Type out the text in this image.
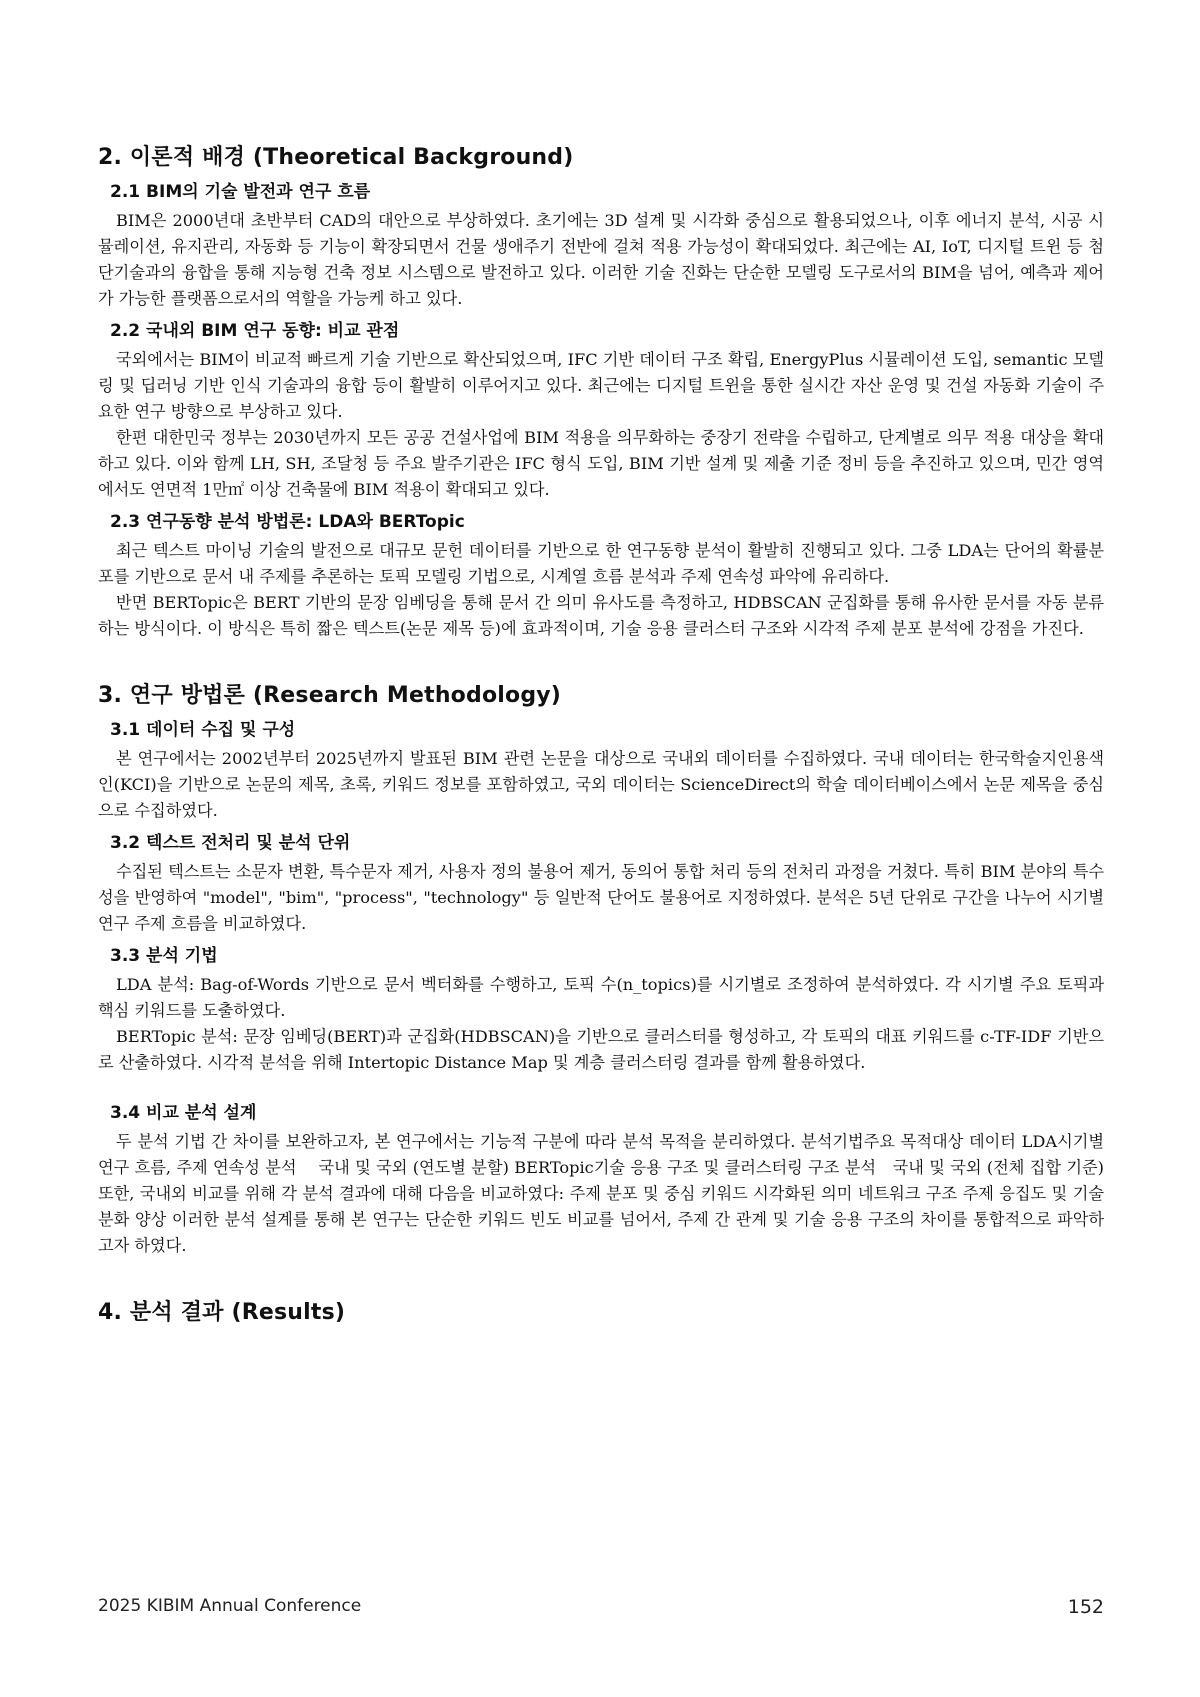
2. 이론적 배경 (Theoretical Background)
2.1 BIM의 기술 발전과 연구 흐름

BIM은 2000년대 초반부터 CAD의 대안으로 부상하였다. 초기에는 3D 설계 및 시각화 중심으로 활용되었으나, 이후 에너지 분석, 시공 시뮬레이션, 유지관리, 자동화 등 기능이 확장되면서 건물 생애주기 전반에 걸쳐 적용 가능성이 확대되었다. 최근에는 AI, IoT, 디지털 트윈 등 첨단기술과의 융합을 통해 지능형 건축 정보 시스템으로 발전하고 있다. 이러한 기술 진화는 단순한 모델링 도구로서의 BIM을 넘어, 예측과 제어가 가능한 플랫폼으로서의 역할을 가능케 하고 있다.

2.2 국내외 BIM 연구 동향: 비교 관점

국외에서는 BIM이 비교적 빠르게 기술 기반으로 확산되었으며, IFC 기반 데이터 구조 확립, EnergyPlus 시뮬레이션 도입, semantic 모델링 및 딥러닝 기반 인식 기술과의 융합 등이 활발히 이루어지고 있다. 최근에는 디지털 트윈을 통한 실시간 자산 운영 및 건설 자동화 기술이 주요한 연구 방향으로 부상하고 있다.

한편 대한민국 정부는 2030년까지 모든 공공 건설사업에 BIM 적용을 의무화하는 중장기 전략을 수립하고, 단계별로 의무 적용 대상을 확대하고 있다. 이와 함께 LH, SH, 조달청 등 주요 발주기관은 IFC 형식 도입, BIM 기반 설계 및 제출 기준 정비 등을 추진하고 있으며, 민간 영역에서도 연면적 1만㎡ 이상 건축물에 BIM 적용이 확대되고 있다.

2.3 연구동향 분석 방법론: LDA와 BERTopic

최근 텍스트 마이닝 기술의 발전으로 대규모 문헌 데이터를 기반으로 한 연구동향 분석이 활발히 진행되고 있다. 그중 LDA는 단어의 확률분포를 기반으로 문서 내 주제를 추론하는 토픽 모델링 기법으로, 시계열 흐름 분석과 주제 연속성 파악에 유리하다.

반면 BERTopic은 BERT 기반의 문장 임베딩을 통해 문서 간 의미 유사도를 측정하고, HDBSCAN 군집화를 통해 유사한 문서를 자동 분류하는 방식이다. 이 방식은 특히 짧은 텍스트(논문 제목 등)에 효과적이며, 기술 응용 클러스터 구조와 시각적 주제 분포 분석에 강점을 가진다.

3. 연구 방법론 (Research Methodology)
3.1 데이터 수집 및 구성

본 연구에서는 2002년부터 2025년까지 발표된 BIM 관련 논문을 대상으로 국내외 데이터를 수집하였다. 국내 데이터는 한국학술지인용색인(KCI)을 기반으로 논문의 제목, 초록, 키워드 정보를 포함하였고, 국외 데이터는 ScienceDirect의 학술 데이터베이스에서 논문 제목을 중심으로 수집하였다.

3.2 텍스트 전처리 및 분석 단위

수집된 텍스트는 소문자 변환, 특수문자 제거, 사용자 정의 불용어 제거, 동의어 통합 처리 등의 전처리 과정을 거쳤다. 특히 BIM 분야의 특수성을 반영하여 "model", "bim", "process", "technology" 등 일반적 단어도 불용어로 지정하였다. 분석은 5년 단위로 구간을 나누어 시기별 연구 주제 흐름을 비교하였다.

3.3 분석 기법

LDA 분석: Bag-of-Words 기반으로 문서 벡터화를 수행하고, 토픽 수(n_topics)를 시기별로 조정하여 분석하였다. 각 시기별 주요 토픽과 핵심 키워드를 도출하였다.

BERTopic 분석: 문장 임베딩(BERT)과 군집화(HDBSCAN)을 기반으로 클러스터를 형성하고, 각 토픽의 대표 키워드를 c-TF-IDF 기반으로 산출하였다. 시각적 분석을 위해 Intertopic Distance Map 및 계층 클러스터링 결과를 함께 활용하였다.

3.4 비교 분석 설계

두 분석 기법 간 차이를 보완하고자, 본 연구에서는 기능적 구분에 따라 분석 목적을 분리하였다. 분석기법주요 목적대상 데이터 LDA시기별 연구 흐름, 주제 연속성 분석　 국내 및 국외 (연도별 분할) BERTopic기술 응용 구조 및 클러스터링 구조 분석　국내 및 국외 (전체 집합 기준) 또한, 국내외 비교를 위해 각 분석 결과에 대해 다음을 비교하였다: 주제 분포 및 중심 키워드 시각화된 의미 네트워크 구조 주제 응집도 및 기술 분화 양상 이러한 분석 설계를 통해 본 연구는 단순한 키워드 빈도 비교를 넘어서, 주제 간 관계 및 기술 응용 구조의 차이를 통합적으로 파악하고자 하였다.

4. 분석 결과 (Results)
2025 KIBIM Annual Conference	152
